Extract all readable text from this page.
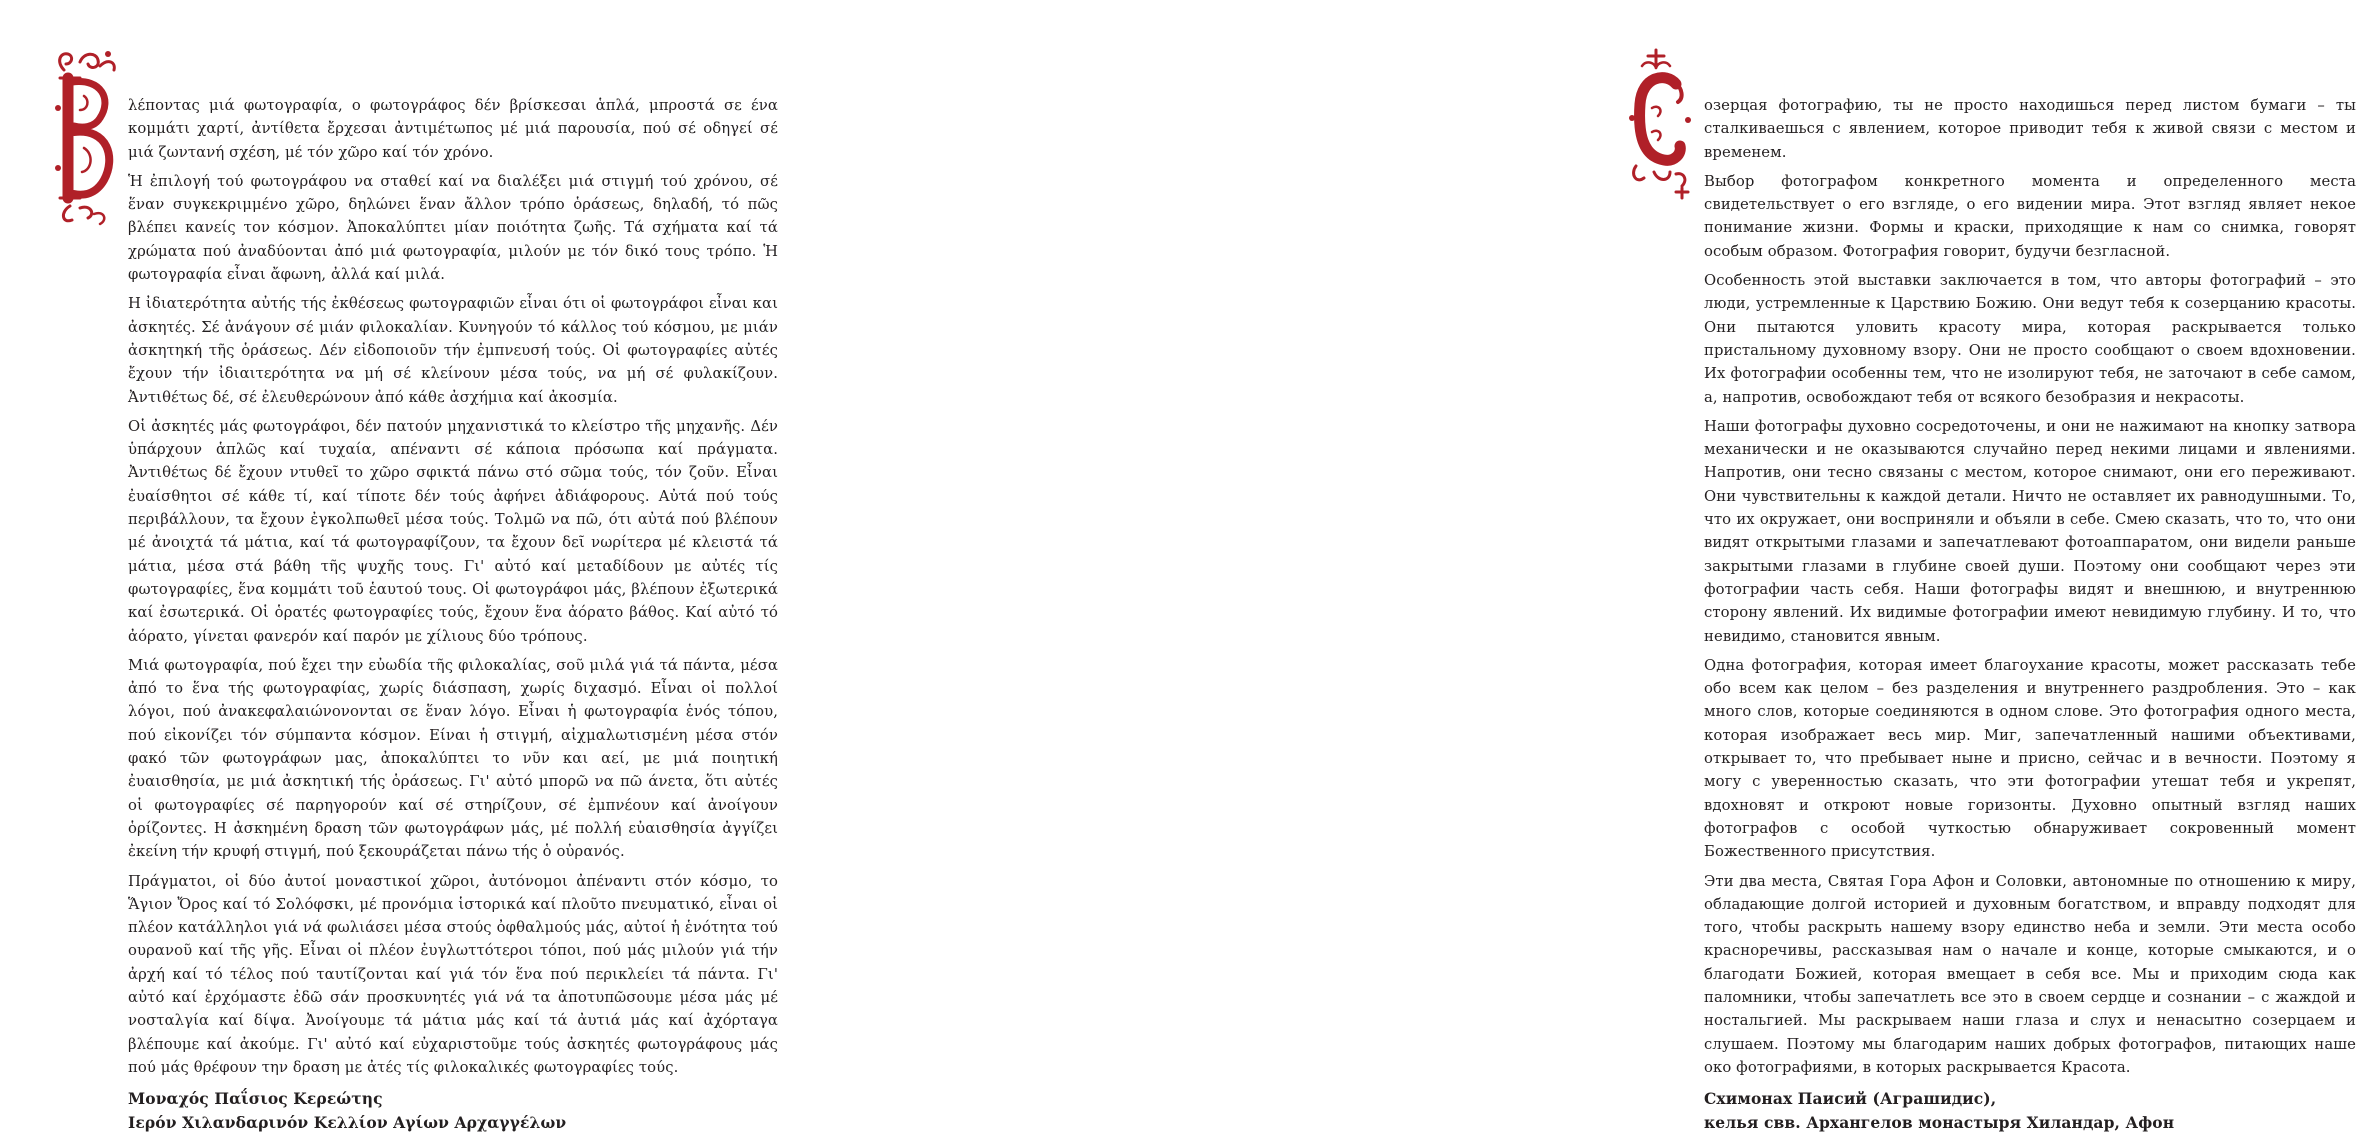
λέποντας μιά φωτογραφία, ο φωτογράφος δέν βρίσκεσαι ἁπλά, μπροστά σε ένα κομμάτι χαρτί, ἀντίθετα ἔρχεσαι ἀντιμέτωπος μέ μιά παρουσία, πού σέ οδηγεί σέ μιά ζωντανή σχέση, μέ τόν χῶρο καί τόν χρόνο.

Ἡ ἐπιλογή τού φωτογράφου να σταθεί καί να διαλέξει μιά στιγμή τού χρόνου, σέ ἕναν συγκεκριμμένο χῶρο, δηλώνει ἕναν ἄλλον τρόπο ὁράσεως, δηλαδή, τό πῶς βλέπει κανείς τον κόσμον. Ἀποκαλύπτει μίαν ποιότητα ζωῆς. Τά σχήματα καί τά χρώματα πού ἀναδύονται ἀπό μιά φωτογραφία, μιλούν με τόν δικό τους τρόπο. Ἡ φωτογραφία εἶναι ἄφωνη, ἀλλά καί μιλά.

Η ἰδιατερότητα αὐτής τής ἐκθέσεως φωτογραφιῶν εἶναι ότι οἱ φωτογράφοι εἶναι και ἀσκητές. Σέ ἀνάγουν σέ μιάν φιλοκαλίαν. Κυνηγούν τό κάλλος τού κόσμου, με μιάν ἀσκητηκή τῆς ὁράσεως. Δέν εἰδοποιοῦν τήν ἐμπνευσή τούς. Οἱ φωτογραφίες αὐτές ἔχουν τήν ἰδιαιτερότητα να μή σέ κλείνουν μέσα τούς, να μή σέ φυλακίζουν. Ἀντιθέτως δέ, σέ ἐλευθερώνουν ἀπό κάθε ἀσχήμια καί ἀκοσμία.

Οἱ ἀσκητές μάς φωτογράφοι, δέν πατούν μηχανιστικά το κλείστρο τῆς μηχανῆς. Δέν ὑπάρχουν ἁπλῶς καί τυχαία, απέναντι σέ κάποια πρόσωπα καί πράγματα. Ἀντιθέτως δέ ἔχουν ντυθεῖ το χῶρο σφικτά πάνω στό σῶμα τούς, τόν ζοῦν. Εἶναι ἐυαίσθητοι σέ κάθε τί, καί τίποτε δέν τούς ἀφήνει ἀδιάφορους. Αὐτά πού τούς περιβάλλουν, τα ἔχουν ἐγκολπωθεῖ μέσα τούς. Τολμῶ να πῶ, ότι αὐτά πού βλέπουν μέ ἀνοιχτά τά μάτια, καί τά φωτογραφίζουν, τα ἔχουν δεῖ νωρίτερα μέ κλειστά τά μάτια, μέσα στά βάθη τῆς ψυχῆς τους. Γι' αὐτό καί μεταδίδουν με αὐτές τίς φωτογραφίες, ἕνα κομμάτι τοῦ ἑαυτού τους. Οἱ φωτογράφοι μάς, βλέπουν ἐξωτερικά καί ἐσωτερικά. Οἱ ὁρατές φωτογραφίες τούς, ἔχουν ἕνα ἀόρατο βάθος. Καί αὐτό τό ἀόρατο, γίνεται φανερόν καί παρόν με χίλιους δύο τρόπους.

Μιά φωτογραφία, πού ἔχει την εὐωδία τῆς φιλοκαλίας, σοῦ μιλά γιά τά πάντα, μέσα ἀπό το ἕνα τής φωτογραφίας, χωρίς διάσπαση, χωρίς διχασμό. Εἶναι οἱ πολλοί λόγοι, πού ἀνακεφαλαιώνονονται σε ἕναν λόγο. Εἶναι ἡ φωτογραφία ἑνός τόπου, πού εἰκονίζει τόν σύμπαντα κόσμον. Είναι ἡ στιγμή, αἰχμαλωτισμένη μέσα στόν φακό τῶν φωτογράφων μας, ἀποκαλύπτει το νῦν και αεί, με μιά ποιητική ἐυαισθησία, με μιά ἀσκητική τής ὁράσεως. Γι' αὐτό μπορῶ να πῶ άνετα, ὅτι αὐτές οἱ φωτογραφίες σέ παρηγορούν καί σέ στηρίζουν, σέ ἐμπνέουν καί ἀνοίγουν ὁρίζοντες. Η ἀσκημένη δραση τῶν φωτογράφων μάς, μέ πολλή εὐαισθησία ἀγγίζει ἐκείνη τήν κρυφή στιγμή, πού ξεκουράζεται πάνω τής ὁ οὐρανός.

Πράγματοι, οἱ δύο ἀυτοί μοναστικοί χῶροι, ἀυτόνομοι ἀπέναντι στόν κόσμο, το Ἅγιον Ὄρος καί τό Σολόφσκι, μέ προνόμια ἱστορικά καί πλοῦτο πνευματικό, εἶναι οἱ πλέον κατάλληλοι γιά νά φωλιάσει μέσα στούς ὀφθαλμούς μάς, αὐτοί ἡ ἑνότητα τού ουρανοῦ καί τῆς γῆς. Εἶναι οἱ πλέον ἐυγλωττότεροι τόποι, πού μάς μιλούν γιά τήν ἀρχή καί τό τέλος πού ταυτίζονται καί γιά τόν ἕνα πού περικλείει τά πάντα. Γι' αὐτό καί ἐρχόμαστε ἐδῶ σάν προσκυνητές γιά νά τα ἀποτυπῶσουμε μέσα μάς μέ νοσταλγία καί δίψα. Ἀνοίγουμε τά μάτια μάς καί τά ἀυτιά μάς καί ἀχόρταγα βλέπουμε καί ἀκούμε. Γι' αὐτό καί εὐχαριστοῦμε τούς ἀσκητές φωτογράφους μάς πού μάς θρέφουν την δραση με ἀτές τίς φιλοκαλικές φωτογραφίες τούς.

Μοναχός Παΐσιος Κερεώτης
Ιερόν Χιλανδαρινόν Κελλίον Αγίων Αρχαγγέλων

озерцая фотографию, ты не просто находишься перед листом бумаги – ты сталкиваешься с явлением, которое приводит тебя к живой связи с местом и временем.

Выбор фотографом конкретного момента и определенного места свидетельствует о его взгляде, о его видении мира. Этот взгляд являет некое понимание жизни. Формы и краски, приходящие к нам со снимка, говорят особым образом. Фотография говорит, будучи безгласной.

Особенность этой выставки заключается в том, что авторы фотографий – это люди, устремленные к Царствию Божию. Они ведут тебя к созерцанию красоты. Они пытаются уловить красоту мира, которая раскрывается только пристальному духовному взору. Они не просто сообщают о своем вдохновении. Их фотографии особенны тем, что не изолируют тебя, не заточают в себе самом, а, напротив, освобождают тебя от всякого безобразия и некрасоты.

Наши фотографы духовно сосредоточены, и они не нажимают на кнопку затвора механически и не оказываются случайно перед некими лицами и явлениями. Напротив, они тесно связаны с местом, которое снимают, они его переживают. Они чувствительны к каждой детали. Ничто не оставляет их равнодушными. То, что их окружает, они восприняли и объяли в себе. Смею сказать, что то, что они видят открытыми глазами и запечатлевают фотоаппаратом, они видели раньше закрытыми глазами в глубине своей души. Поэтому они сообщают через эти фотографии часть себя. Наши фотографы видят и внешнюю, и внутреннюю сторону явлений. Их видимые фотографии имеют невидимую глубину. И то, что невидимо, становится явным.

Одна фотография, которая имеет благоухание красоты, может рассказать тебе обо всем как целом – без разделения и внутреннего раздробления. Это – как много слов, которые соединяются в одном слове. Это фотография одного места, которая изображает весь мир. Миг, запечатленный нашими объективами, открывает то, что пребывает ныне и присно, сейчас и в вечности. Поэтому я могу с уверенностью сказать, что эти фотографии утешат тебя и укрепят, вдохновят и откроют новые горизонты. Духовно опытный взгляд наших фотографов с особой чуткостью обнаруживает сокровенный момент Божественного присутствия.

Эти два места, Святая Гора Афон и Соловки, автономные по отношению к миру, обладающие долгой историей и духовным богатством, и вправду подходят для того, чтобы раскрыть нашему взору единство неба и земли. Эти места особо красноречивы, рассказывая нам о начале и конце, которые смыкаются, и о благодати Божией, которая вмещает в себя все. Мы и приходим сюда как паломники, чтобы запечатлеть все это в своем сердце и сознании – с жаждой и ностальгией. Мы раскрываем наши глаза и слух и ненасытно созерцаем и слушаем. Поэтому мы благодарим наших добрых фотографов, питающих наше око фотографиями, в которых раскрывается Красота.

Схимонах Паисий (Аграшидис),
келья свв. Архангелов монастыря Хиландар, Афон
